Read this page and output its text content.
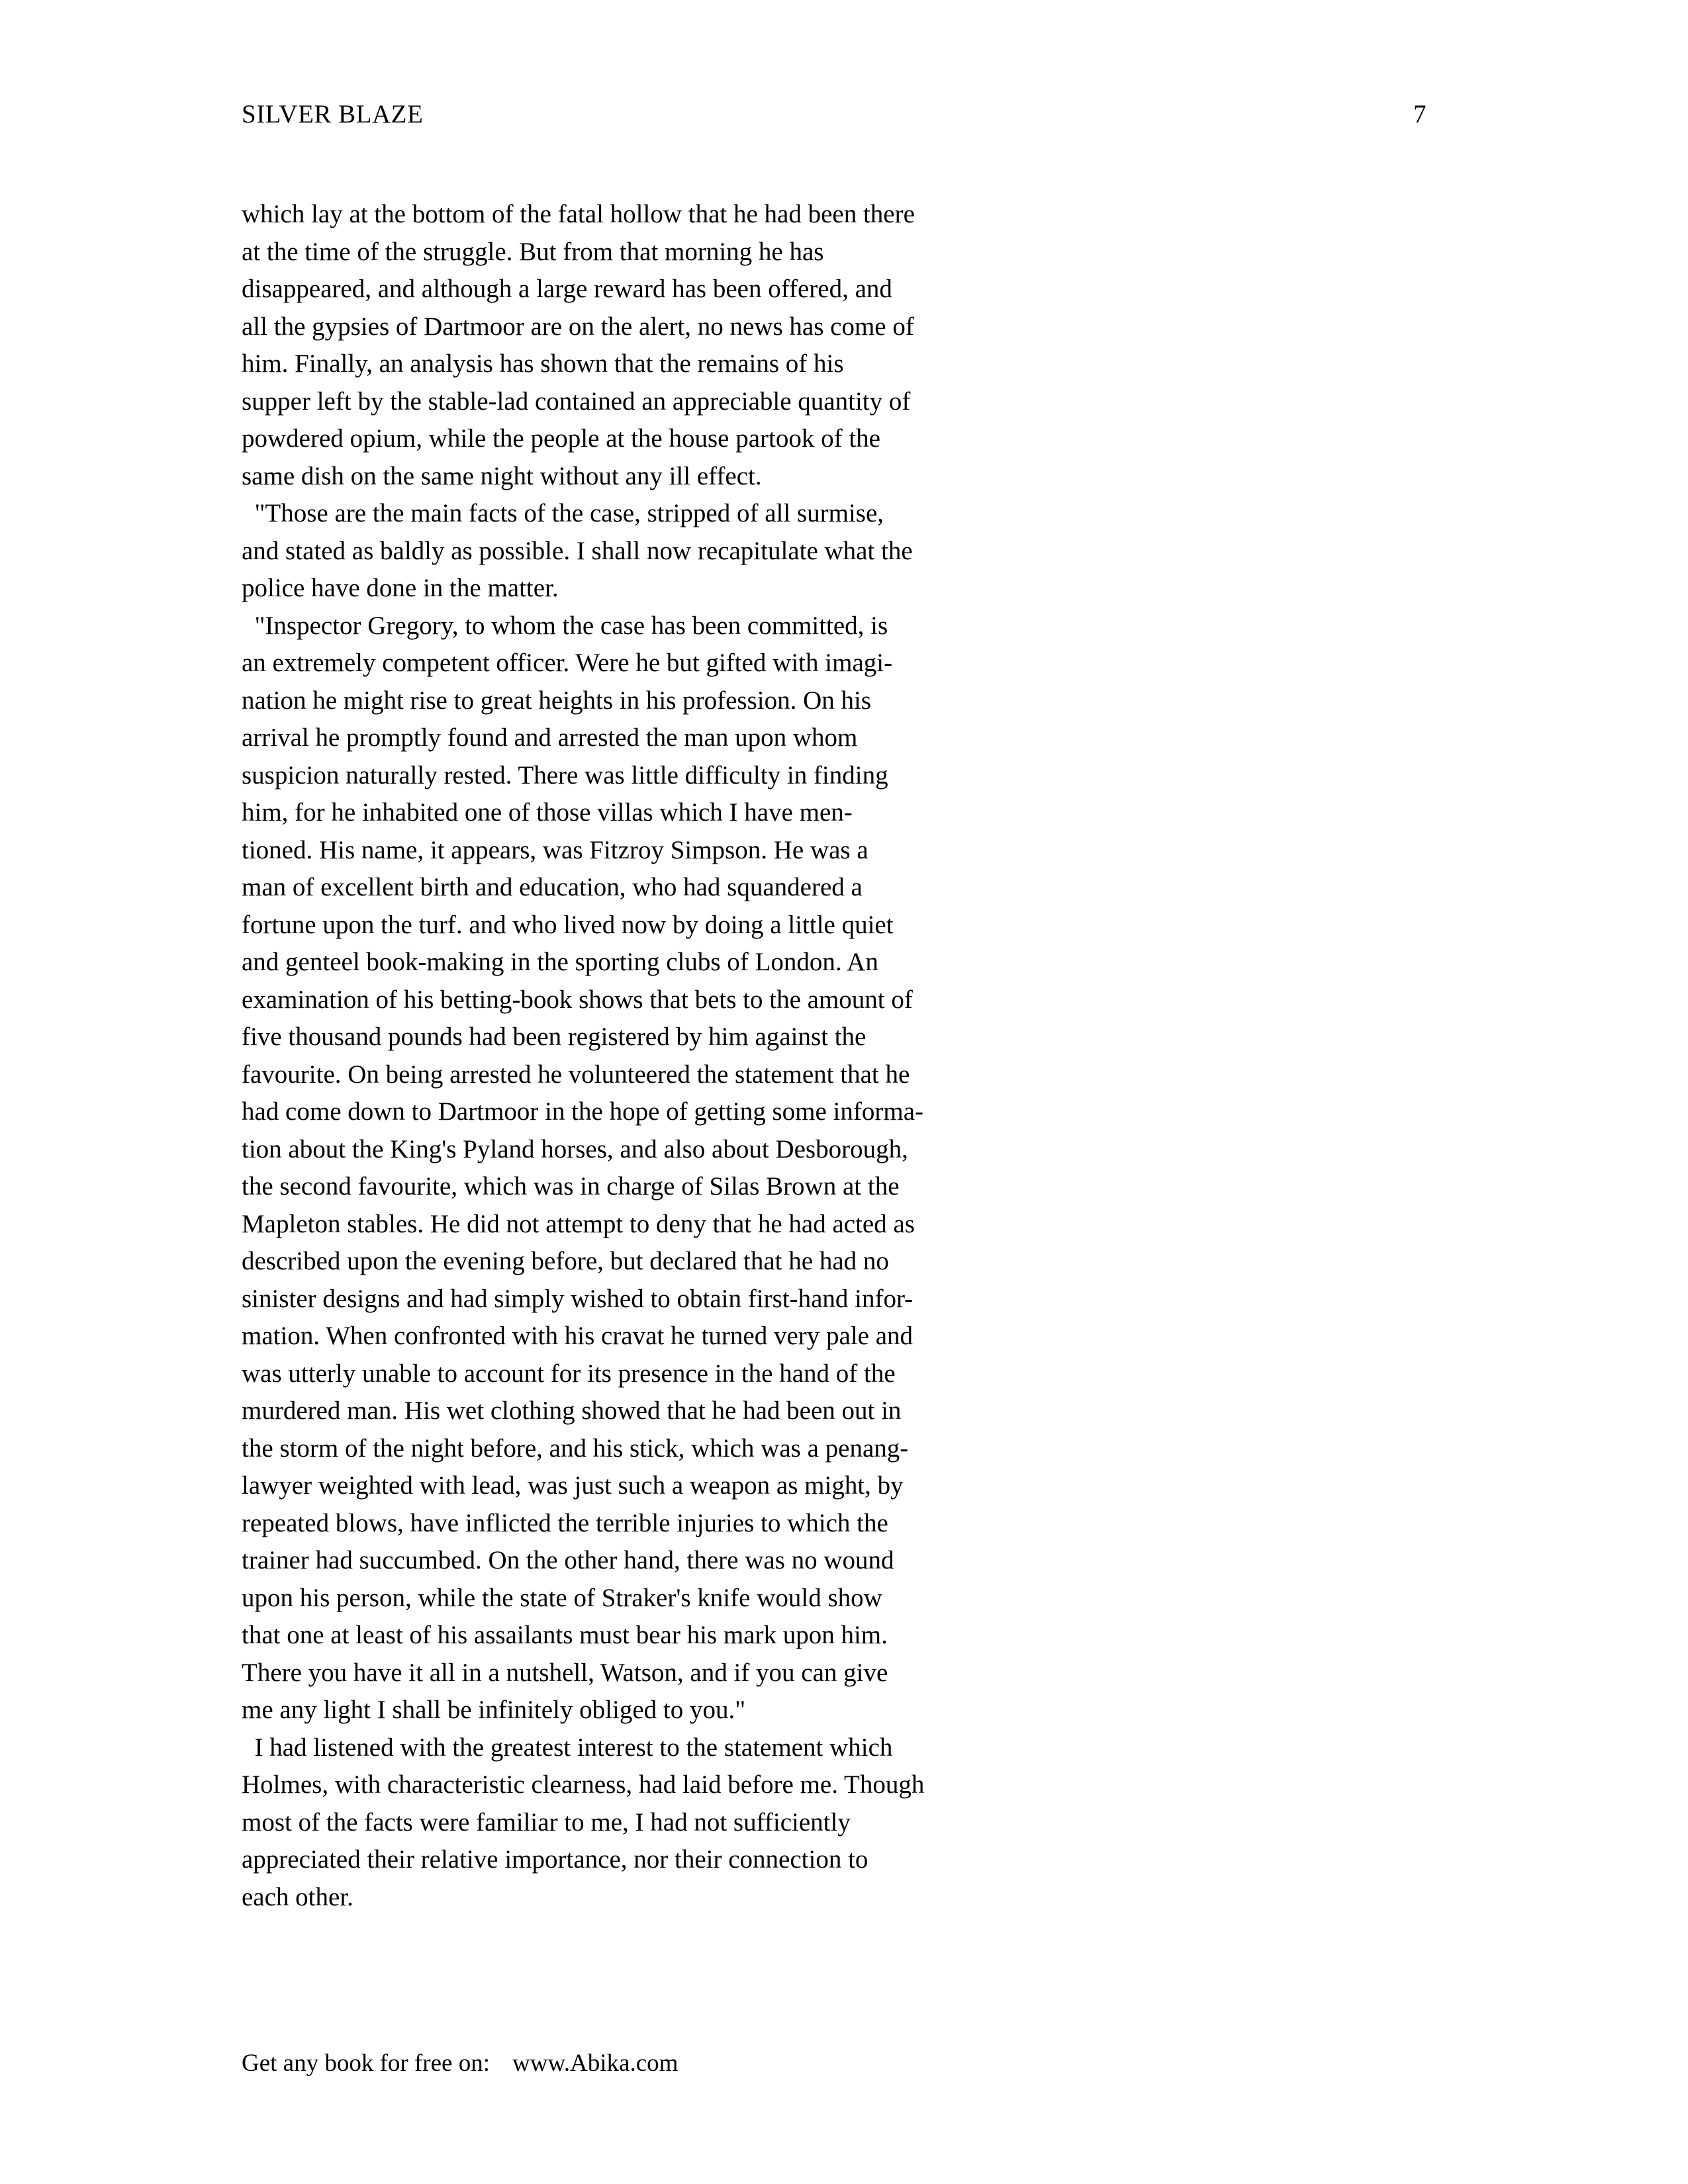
SILVER BLAZE	7
which lay at the bottom of the fatal hollow that he had been there
at the time of the struggle. But from that morning he has
disappeared, and although a large reward has been offered, and
all the gypsies of Dartmoor are on the alert, no news has come of
him. Finally, an analysis has shown that the remains of his
supper left by the stable-lad contained an appreciable quantity of
powdered opium, while the people at the house partook of the
same dish on the same night without any ill effect.
"Those are the main facts of the case, stripped of all surmise,
and stated as baldly as possible. I shall now recapitulate what the
police have done in the matter.
"Inspector Gregory, to whom the case has been committed, is
an extremely competent officer. Were he but gifted with imagi-
nation he might rise to great heights in his profession. On his
arrival he promptly found and arrested the man upon whom
suspicion naturally rested. There was little difficulty in finding
him, for he inhabited one of those villas which I have men-
tioned. His name, it appears, was Fitzroy Simpson. He was a
man of excellent birth and education, who had squandered a
fortune upon the turf. and who lived now by doing a little quiet
and genteel book-making in the sporting clubs of London. An
examination of his betting-book shows that bets to the amount of
five thousand pounds had been registered by him against the
favourite. On being arrested he volunteered the statement that he
had come down to Dartmoor in the hope of getting some informa-
tion about the King's Pyland horses, and also about Desborough,
the second favourite, which was in charge of Silas Brown at the
Mapleton stables. He did not attempt to deny that he had acted as
described upon the evening before, but declared that he had no
sinister designs and had simply wished to obtain first-hand infor-
mation. When confronted with his cravat he turned very pale and
was utterly unable to account for its presence in the hand of the
murdered man. His wet clothing showed that he had been out in
the storm of the night before, and his stick, which was a penang-
lawyer weighted with lead, was just such a weapon as might, by
repeated blows, have inflicted the terrible injuries to which the
trainer had succumbed. On the other hand, there was no wound
upon his person, while the state of Straker's knife would show
that one at least of his assailants must bear his mark upon him.
There you have it all in a nutshell, Watson, and if you can give
me any light I shall be infinitely obliged to you."
I had listened with the greatest interest to the statement which
Holmes, with characteristic clearness, had laid before me. Though
most of the facts were familiar to me, I had not sufficiently
appreciated their relative importance, nor their connection to
each other.
Get any book for free on: www.Abika.com
